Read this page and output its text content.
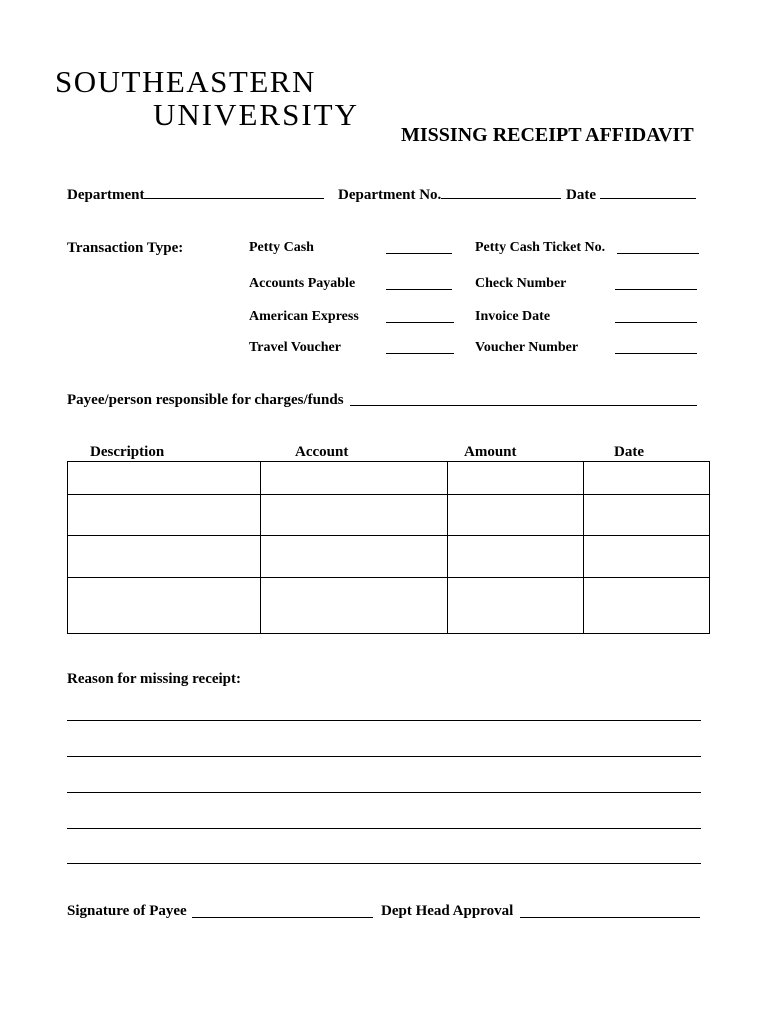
SOUTHEASTERN
UNIVERSITY
MISSING RECEIPT AFFIDAVIT
Department	Department No.	Date
Transaction Type:	Petty Cash	Petty Cash Ticket No.
Accounts Payable	Check Number
American Express	Invoice Date
Travel Voucher	Voucher Number
Payee/person responsible for charges/funds
Description	Account	Amount	Date

Reason for missing receipt:
Signature of Payee	Dept Head Approval
